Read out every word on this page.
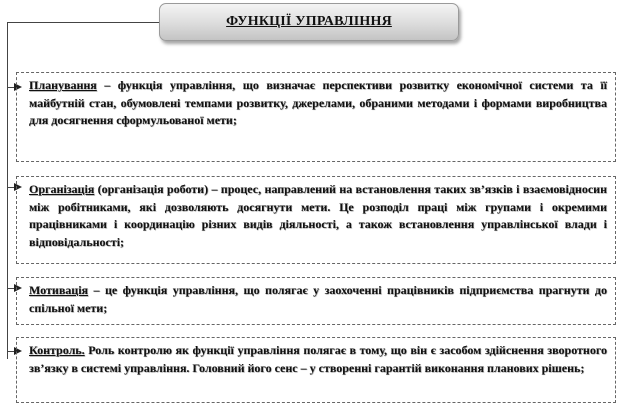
ФУНКЦІЇ УПРАВЛІННЯ
Планування – функція управління, що визначає перспективи розвитку економічної системи та її майбутній стан, обумовлені темпами розвитку, джерелами, обраними методами і формами виробництва для досягнення сформульованої мети;
Організація (організація роботи) – процес, направлений на встановлення таких зв’язків і взаємовідносин між робітниками, які дозволяють досягнути мети. Це розподіл праці між групами і окремими працівниками і координацію різних видів діяльності, а також встановлення управлінської влади і відповідальності;
Мотивація – це функція управління, що полягає у заохоченні працівників підприємства прагнути до спільної мети;
Контроль. Роль контролю як функції управління полягає в тому, що він є засобом здійснення зворотного зв’язку в системі управління. Головний його сенс – у створенні гарантій виконання планових рішень;
